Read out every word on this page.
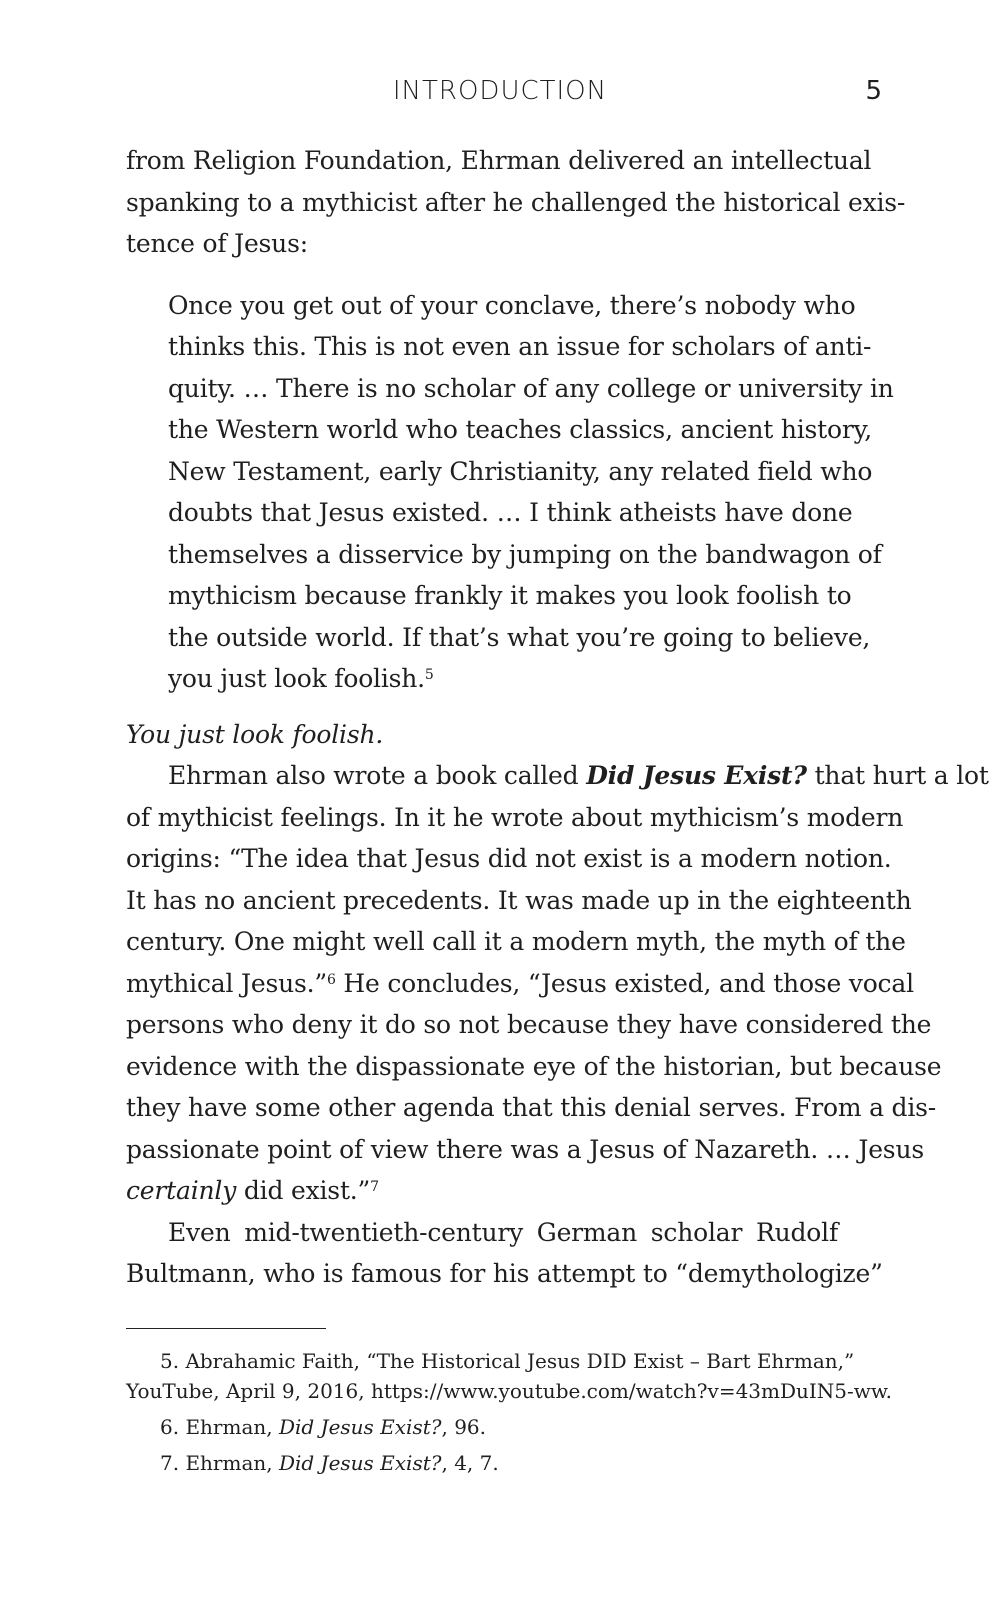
INTRODUCTION	5
from Religion Foundation, Ehrman delivered an intellectual
spanking to a mythicist after he challenged the historical exis-
tence of Jesus:
Once you get out of your conclave, there’s nobody who
thinks this. This is not even an issue for scholars of anti-
quity. … There is no scholar of any college or university in
the Western world who teaches classics, ancient history,
New Testament, early Christianity, any related field who
doubts that Jesus existed. … I think atheists have done
themselves a disservice by jumping on the bandwagon of
mythicism because frankly it makes you look foolish to
the outside world. If that’s what you’re going to believe,
you just look foolish.$^5$
You just look foolish.
Ehrman also wrote a book called Did Jesus Exist? that hurt a lot
of mythicist feelings. In it he wrote about mythicism’s modern
origins: “The idea that Jesus did not exist is a modern notion.
It has no ancient precedents. It was made up in the eighteenth
century. One might well call it a modern myth, the myth of the
mythical Jesus.”$^6$ He concludes, “Jesus existed, and those vocal
persons who deny it do so not because they have considered the
evidence with the dispassionate eye of the historian, but because
they have some other agenda that this denial serves. From a dis-
passionate point of view there was a Jesus of Nazareth. … Jesus
certainly did exist.”$^7$
Even mid-twentieth-century German scholar Rudolf
Bultmann, who is famous for his attempt to “demythologize”
5. Abrahamic Faith, “The Historical Jesus DID Exist – Bart Ehrman,”
YouTube, April 9, 2016, https://www.youtube.com/watch?v=43mDuIN5-ww.
6. Ehrman, Did Jesus Exist?, 96.
7. Ehrman, Did Jesus Exist?, 4, 7.
